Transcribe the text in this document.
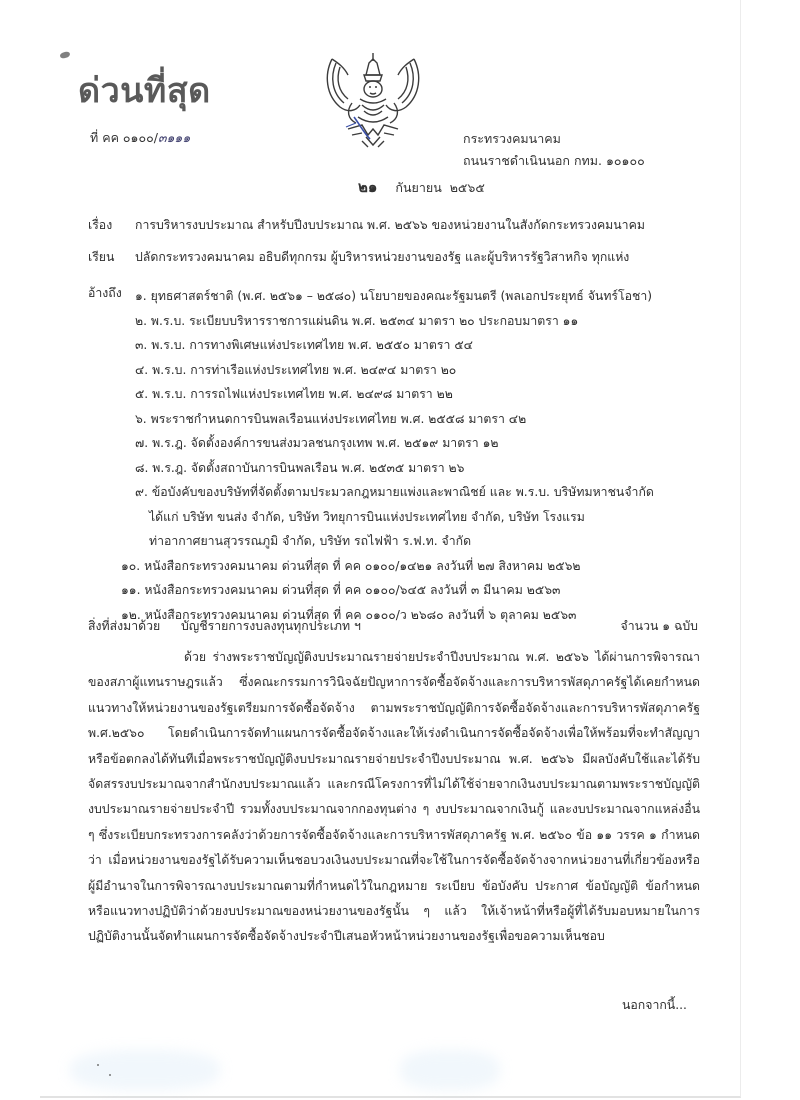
ด่วนที่สุด
ที่ คค ๐๑๐๐/๓๑๑๑	กระทรวงคมนาคม
ถนนราชดำเนินนอก กทม. ๑๐๑๐๐
๒๑ กันยายน  ๒๕๖๕
เรื่อง การบริหารงบประมาณ สำหรับปีงบประมาณ พ.ศ. ๒๕๖๖ ของหน่วยงานในสังกัดกระทรวงคมนาคม
เรียน ปลัดกระทรวงคมนาคม อธิบดีทุกกรม ผู้บริหารหน่วยงานของรัฐ และผู้บริหารรัฐวิสาหกิจ ทุกแห่ง
อ้างถึง ๑. ยุทธศาสตร์ชาติ (พ.ศ. ๒๕๖๑ – ๒๕๘๐) นโยบายของคณะรัฐมนตรี (พลเอกประยุทธ์ จันทร์โอชา)
๒. พ.ร.บ. ระเบียบบริหารราชการแผ่นดิน พ.ศ. ๒๕๓๔ มาตรา ๒๐ ประกอบมาตรา ๑๑
๓. พ.ร.บ. การทางพิเศษแห่งประเทศไทย พ.ศ. ๒๕๕๐ มาตรา ๕๔
๔. พ.ร.บ. การท่าเรือแห่งประเทศไทย พ.ศ. ๒๔๙๔ มาตรา ๒๐
๕. พ.ร.บ. การรถไฟแห่งประเทศไทย พ.ศ. ๒๔๙๘ มาตรา ๒๒
๖. พระราชกำหนดการบินพลเรือนแห่งประเทศไทย พ.ศ. ๒๕๕๘ มาตรา ๔๒
๗. พ.ร.ฎ. จัดตั้งองค์การขนส่งมวลชนกรุงเทพ พ.ศ. ๒๕๑๙ มาตรา ๑๒
๘. พ.ร.ฎ. จัดตั้งสถาบันการบินพลเรือน พ.ศ. ๒๕๓๕ มาตรา ๒๖
๙. ข้อบังคับของบริษัทที่จัดตั้งตามประมวลกฎหมายแพ่งและพาณิชย์ และ พ.ร.บ. บริษัทมหาชนจำกัด
ได้แก่ บริษัท ขนส่ง จำกัด, บริษัท วิทยุการบินแห่งประเทศไทย จำกัด, บริษัท โรงแรม
ท่าอากาศยานสุวรรณภูมิ จำกัด, บริษัท รถไฟฟ้า ร.ฟ.ท. จำกัด
๑๐. หนังสือกระทรวงคมนาคม ด่วนที่สุด ที่ คค ๐๑๐๐/๑๔๒๑ ลงวันที่ ๒๗ สิงหาคม ๒๕๖๒
๑๑. หนังสือกระทรวงคมนาคม ด่วนที่สุด ที่ คค ๐๑๐๐/๖๔๕ ลงวันที่ ๓ มีนาคม ๒๕๖๓
๑๒. หนังสือกระทรวงคมนาคม ด่วนที่สุด ที่ คค ๐๑๐๐/ว ๒๖๘๐ ลงวันที่ ๖ ตุลาคม ๒๕๖๓
สิ่งที่ส่งมาด้วย บัญชีรายการงบลงทุนทุกประเภท ฯ	จำนวน ๑ ฉบับ
ด้วย ร่างพระราชบัญญัติงบประมาณรายจ่ายประจำปีงบประมาณ พ.ศ. ๒๕๖๖ ได้ผ่านการพิจารณาของสภาผู้แทนราษฎรแล้ว ซึ่งคณะกรรมการวินิจฉัยปัญหาการจัดซื้อจัดจ้างและการบริหารพัสดุภาครัฐได้เคยกำหนดแนวทางให้หน่วยงานของรัฐเตรียมการจัดซื้อจัดจ้าง ตามพระราชบัญญัติการจัดซื้อจัดจ้างและการบริหารพัสดุภาครัฐ พ.ศ.๒๕๖๐ โดยดำเนินการจัดทำแผนการจัดซื้อจัดจ้างและให้เร่งดำเนินการจัดซื้อจัดจ้างเพื่อให้พร้อมที่จะทำสัญญาหรือข้อตกลงได้ทันทีเมื่อพระราชบัญญัติงบประมาณรายจ่ายประจำปีงบประมาณ พ.ศ. ๒๕๖๖ มีผลบังคับใช้และได้รับจัดสรรงบประมาณจากสำนักงบประมาณแล้ว และกรณีโครงการที่ไม่ได้ใช้จ่ายจากเงินงบประมาณตามพระราชบัญญัติงบประมาณรายจ่ายประจำปี รวมทั้งงบประมาณจากกองทุนต่าง ๆ งบประมาณจากเงินกู้ และงบประมาณจากแหล่งอื่น ๆ ซึ่งระเบียบกระทรวงการคลังว่าด้วยการจัดซื้อจัดจ้างและการบริหารพัสดุภาครัฐ พ.ศ. ๒๕๖๐ ข้อ ๑๑ วรรค ๑ กำหนดว่า เมื่อหน่วยงานของรัฐได้รับความเห็นชอบวงเงินงบประมาณที่จะใช้ในการจัดซื้อจัดจ้างจากหน่วยงานที่เกี่ยวข้องหรือผู้มีอำนาจในการพิจารณางบประมาณตามที่กำหนดไว้ในกฎหมาย ระเบียบ ข้อบังคับ ประกาศ ข้อบัญญัติ ข้อกำหนด หรือแนวทางปฏิบัติว่าด้วยงบประมาณของหน่วยงานของรัฐนั้น ๆ แล้ว ให้เจ้าหน้าที่หรือผู้ที่ได้รับมอบหมายในการปฏิบัติงานนั้นจัดทำแผนการจัดซื้อจัดจ้างประจำปีเสนอหัวหน้าหน่วยงานของรัฐเพื่อขอความเห็นชอบ
นอกจากนี้...
